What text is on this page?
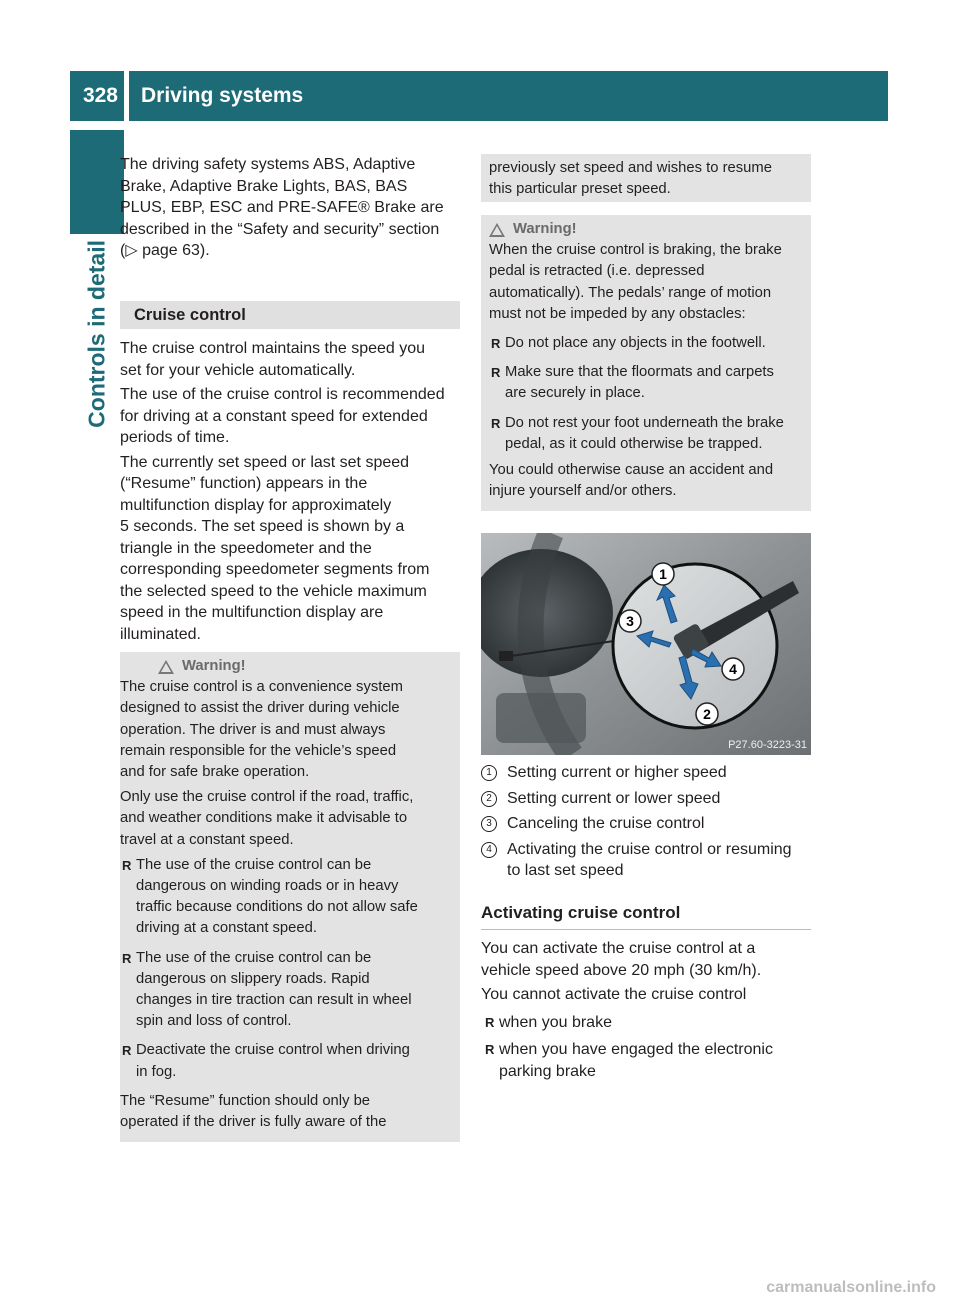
328	Driving systems
Controls in detail
The driving safety systems ABS, Adaptive
Brake, Adaptive Brake Lights, BAS, BAS
PLUS, EBP, ESC and PRE-SAFE® Brake are
described in the “Safety and security” section
(▷ page 63).
Cruise control
The cruise control maintains the speed you
set for your vehicle automatically.
The use of the cruise control is recommended
for driving at a constant speed for extended
periods of time.
The currently set speed or last set speed
(“Resume” function) appears in the
multifunction display for approximately
5 seconds. The set speed is shown by a
triangle in the speedometer and the
corresponding speedometer segments from
the selected speed to the vehicle maximum
speed in the multifunction display are
illuminated.
Warning!
The cruise control is a convenience system
designed to assist the driver during vehicle
operation. The driver is and must always
remain responsible for the vehicle’s speed
and for safe brake operation.
Only use the cruise control if the road, traffic,
and weather conditions make it advisable to
travel at a constant speed.
R The use of the cruise control can be
dangerous on winding roads or in heavy
traffic because conditions do not allow safe
driving at a constant speed.
R The use of the cruise control can be
dangerous on slippery roads. Rapid
changes in tire traction can result in wheel
spin and loss of control.
R Deactivate the cruise control when driving
in fog.
The “Resume” function should only be
operated if the driver is fully aware of the
previously set speed and wishes to resume
this particular preset speed.
Warning!
When the cruise control is braking, the brake
pedal is retracted (i.e. depressed
automatically). The pedals’ range of motion
must not be impeded by any obstacles:
R Do not place any objects in the footwell.
R Make sure that the floormats and carpets
are securely in place.
R Do not rest your foot underneath the brake
pedal, as it could otherwise be trapped.
You could otherwise cause an accident and
injure yourself and/or others.
1
2
3
4
P27.60-3223-31
1 Setting current or higher speed
2 Setting current or lower speed
3 Canceling the cruise control
4 Activating the cruise control or resuming
to last set speed
Activating cruise control
You can activate the cruise control at a
vehicle speed above 20 mph (30 km/h).
You cannot activate the cruise control
R when you brake
R when you have engaged the electronic
parking brake
carmanualsonline.info
